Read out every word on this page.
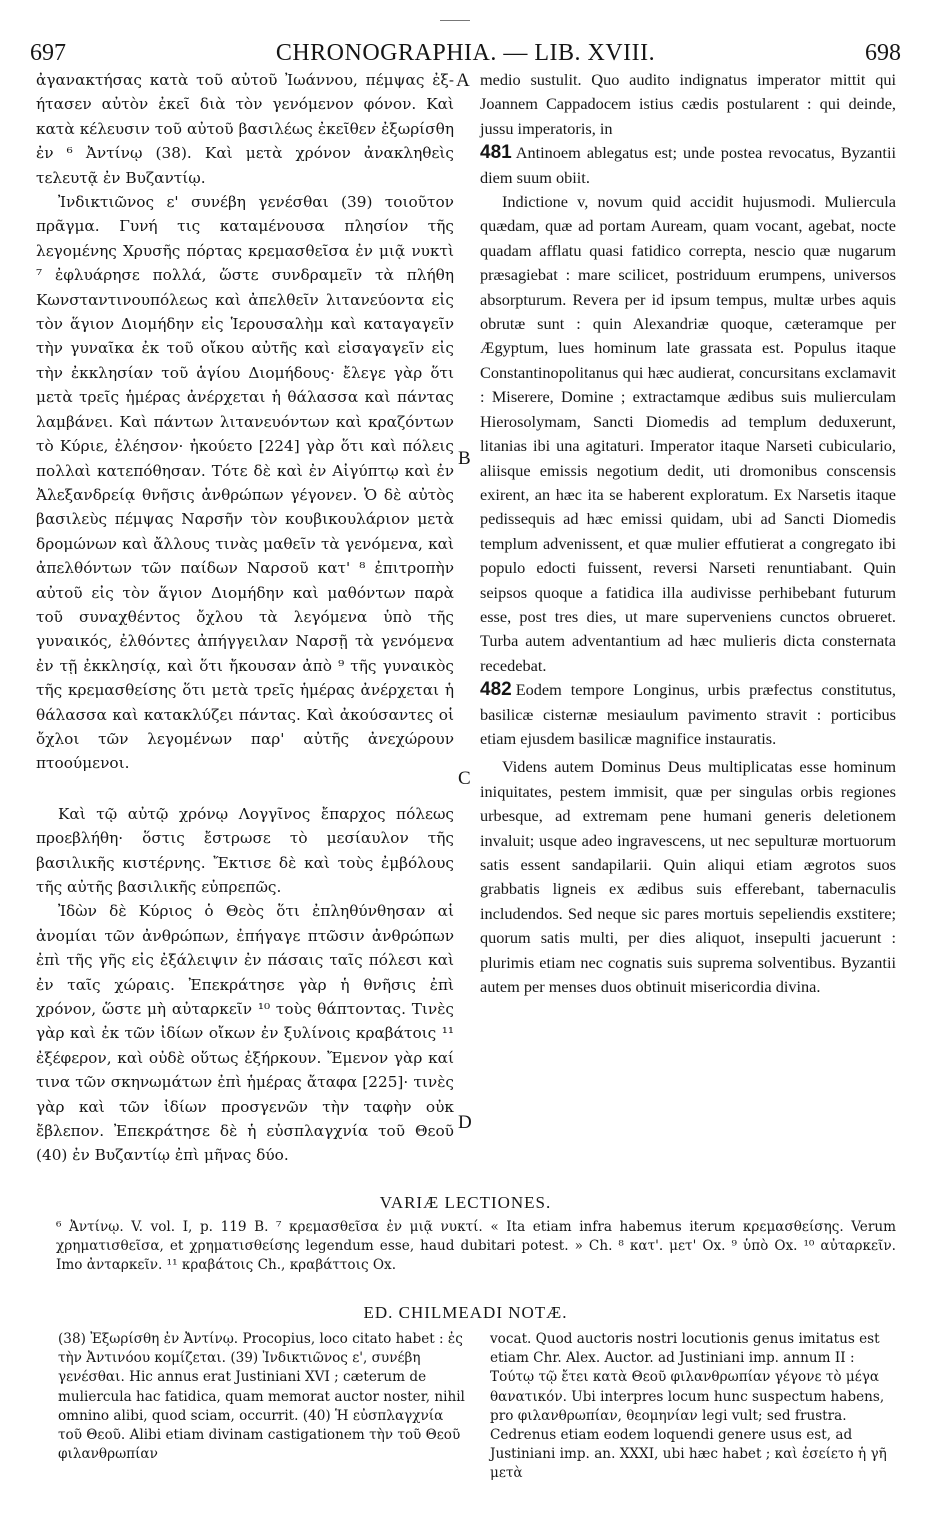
697	CHRONOGRAPHIA. — LIB. XVIII.	698

ἀγανακτήσας κατὰ τοῦ αὐτοῦ Ἰωάννου, πέμψας ἐξ-ήτασεν αὐτὸν ἐκεῖ διὰ τὸν γενόμενον φόνον. Καὶ κατὰ κέλευσιν τοῦ αὐτοῦ βασιλέως ἐκεῖθεν ἐξωρίσθη ἐν ⁶ Ἀντίνῳ (38). Καὶ μετὰ χρόνον ἀνακληθεὶς τελευτᾷ ἐν Βυζαντίῳ.

Ἰνδικτιῶνος ε' συνέβη γενέσθαι (39) τοιοῦτον πρᾶγμα. Γυνή τις καταμένουσα πλησίον τῆς λεγομένης Χρυσῆς πόρτας κρεμασθεῖσα ἐν μιᾷ νυκτὶ ⁷ ἐφλυάρησε πολλά, ὥστε συνδραμεῖν τὰ πλήθη Κωνσταντινουπόλεως καὶ ἀπελθεῖν λιτανεύοντα εἰς τὸν ἅγιον Διομήδην εἰς Ἱερουσαλὴμ καὶ καταγαγεῖν τὴν γυναῖκα ἐκ τοῦ οἴκου αὐτῆς καὶ εἰσαγαγεῖν εἰς τὴν ἐκκλησίαν τοῦ ἁγίου Διομήδους· ἔλεγε γὰρ ὅτι μετὰ τρεῖς ἡμέρας ἀνέρχεται ἡ θάλασσα καὶ πάντας λαμβάνει. Καὶ πάντων λιτανευόντων καὶ κραζόντων τὸ Κύριε, ἐλέησον· ἠκούετο [224] γὰρ ὅτι καὶ πόλεις πολλαὶ κατεπόθησαν. Τότε δὲ καὶ ἐν Αἰγύπτῳ καὶ ἐν Ἀλεξανδρείᾳ θνῆσις ἀνθρώπων γέγονεν. Ὁ δὲ αὐτὸς βασιλεὺς πέμψας Ναρσῆν τὸν κουβικουλάριον μετὰ δρομώνων καὶ ἄλλους τινὰς μαθεῖν τὰ γενόμενα, καὶ ἀπελθόντων τῶν παίδων Ναρσοῦ κατ' ⁸ ἐπιτροπὴν αὐτοῦ εἰς τὸν ἅγιον Διομήδην καὶ μαθόντων παρὰ τοῦ συναχθέντος ὄχλου τὰ λεγόμενα ὑπὸ τῆς γυναικός, ἐλθόντες ἀπήγγειλαν Ναρσῇ τὰ γενόμενα ἐν τῇ ἐκκλησίᾳ, καὶ ὅτι ἤκουσαν ἀπὸ ⁹ τῆς γυναικὸς τῆς κρεμασθείσης ὅτι μετὰ τρεῖς ἡμέρας ἀνέρχεται ἡ θάλασσα καὶ κατακλύζει πάντας. Καὶ ἀκούσαντες οἱ ὄχλοι τῶν λεγομένων παρ' αὐτῆς ἀνεχώρουν πτοούμενοι.

Καὶ τῷ αὐτῷ χρόνῳ Λογγῖνος ἔπαρχος πόλεως προεβλήθη· ὅστις ἔστρωσε τὸ μεσίαυλον τῆς βασιλικῆς κιστέρνης. Ἔκτισε δὲ καὶ τοὺς ἐμβόλους τῆς αὐτῆς βασιλικῆς εὐπρεπῶς.

Ἰδὼν δὲ Κύριος ὁ Θεὸς ὅτι ἐπληθύνθησαν αἱ ἀνομίαι τῶν ἀνθρώπων, ἐπήγαγε πτῶσιν ἀνθρώπων ἐπὶ τῆς γῆς εἰς ἐξάλειψιν ἐν πάσαις ταῖς πόλεσι καὶ ἐν ταῖς χώραις. Ἐπεκράτησε γὰρ ἡ θνῆσις ἐπὶ χρόνον, ὥστε μὴ αὐταρκεῖν ¹⁰ τοὺς θάπτοντας. Τινὲς γὰρ καὶ ἐκ τῶν ἰδίων οἴκων ἐν ξυλίνοις κραβάτοις ¹¹ ἐξέφερον, καὶ οὐδὲ οὕτως ἐξήρκουν. Ἔμενον γὰρ καί τινα τῶν σκηνωμάτων ἐπὶ ἡμέρας ἄταφα [225]· τινὲς γὰρ καὶ τῶν ἰδίων προσγενῶν τὴν ταφὴν οὐκ ἔβλεπον. Ἐπεκράτησε δὲ ἡ εὐσπλαγχνία τοῦ Θεοῦ (40) ἐν Βυζαντίῳ ἐπὶ μῆνας δύο.

A
B
C
D

medio sustulit. Quo audito indignatus imperator mittit qui Joannem Cappadocem istius cædis postularent : qui deinde, jussu imperatoris, in

481 Antinoem ablegatus est; unde postea revocatus, Byzantii diem suum obiit.

Indictione v, novum quid accidit hujusmodi. Muliercula quædam, quæ ad portam Auream, quam vocant, agebat, nocte quadam afflatu quasi fatidico correpta, nescio quæ nugarum præsagiebat : mare scilicet, postriduum erumpens, universos absorpturum. Revera per id ipsum tempus, multæ urbes aquis obrutæ sunt : quin Alexandriæ quoque, cæteramque per Ægyptum, lues hominum late grassata est. Populus itaque Constantinopolitanus qui hæc audierat, concursitans exclamavit : Miserere, Domine ; extractamque ædibus suis mulierculam Hierosolymam, Sancti Diomedis ad templum deduxerunt, litanias ibi una agitaturi. Imperator itaque Narseti cubiculario, aliisque emissis negotium dedit, uti dromonibus conscensis exirent, an hæc ita se haberent exploratum. Ex Narsetis itaque pedissequis ad hæc emissi quidam, ubi ad Sancti Diomedis templum advenissent, et quæ mulier effutierat a congregato ibi populo edocti fuissent, reversi Narseti renuntiabant. Quin seipsos quoque a fatidica illa audivisse perhibebant futurum esse, post tres dies, ut mare superveniens cunctos obrueret. Turba autem adventantium ad hæc mulieris dicta consternata recedebat.

482 Eodem tempore Longinus, urbis præfectus constitutus, basilicæ cisternæ mesiaulum pavimento stravit : porticibus etiam ejusdem basilicæ magnifice instauratis.

Videns autem Dominus Deus multiplicatas esse hominum iniquitates, pestem immisit, quæ per singulas orbis regiones urbesque, ad extremam pene humani generis deletionem invaluit; usque adeo ingravescens, ut nec sepulturæ mortuorum satis essent sandapilarii. Quin aliqui etiam ægrotos suos grabbatis ligneis ex ædibus suis efferebant, tabernaculis includendos. Sed neque sic pares mortuis sepeliendis exstitere; quorum satis multi, per dies aliquot, insepulti jacuerunt : plurimis etiam nec cognatis suis suprema solventibus. Byzantii autem per menses duos obtinuit misericordia divina.

VARIÆ LECTIONES.
⁶ Ἀντίνῳ. V. vol. I, p. 119 B. ⁷ κρεμασθεῖσα ἐν μιᾷ νυκτί. « Ita etiam infra habemus iterum κρεμασθείσης. Verum χρηματισθεῖσα, et χρηματισθείσης legendum esse, haud dubitari potest. » Ch. ⁸ κατ'. μετ' Ox. ⁹ ὑπὸ Ox. ¹⁰ αὐταρκεῖν. Imo ἀνταρκεῖν. ¹¹ κραβάτοις Ch., κραβάττοις Ox.
ED. CHILMEADI NOTÆ.
(38) Ἐξωρίσθη ἐν Ἀντίνῳ. Procopius, loco citato habet : ἐς τὴν Ἀντινόου κομίζεται. (39) Ἰνδικτιῶνος ε', συνέβη γενέσθαι. Hic annus erat Justiniani XVI ; cæterum de muliercula hac fatidica, quam memorat auctor noster, nihil omnino alibi, quod sciam, occurrit. (40) Ἡ εὐσπλαγχνία τοῦ Θεοῦ. Alibi etiam divinam castigationem τὴν τοῦ Θεοῦ φιλανθρωπίαν
vocat. Quod auctoris nostri locutionis genus imitatus est etiam Chr. Alex. Auctor. ad Justiniani imp. annum II : Τούτῳ τῷ ἔτει κατὰ Θεοῦ φιλανθρωπίαν γέγονε τὸ μέγα θανατικόν. Ubi interpres locum hunc suspectum habens, pro φιλανθρωπίαν, θεομηνίαν legi vult; sed frustra. Cedrenus etiam eodem loquendi genere usus est, ad Justiniani imp. an. XXXI, ubi hæc habet ; καὶ ἐσείετο ἡ γῆ μετὰ
